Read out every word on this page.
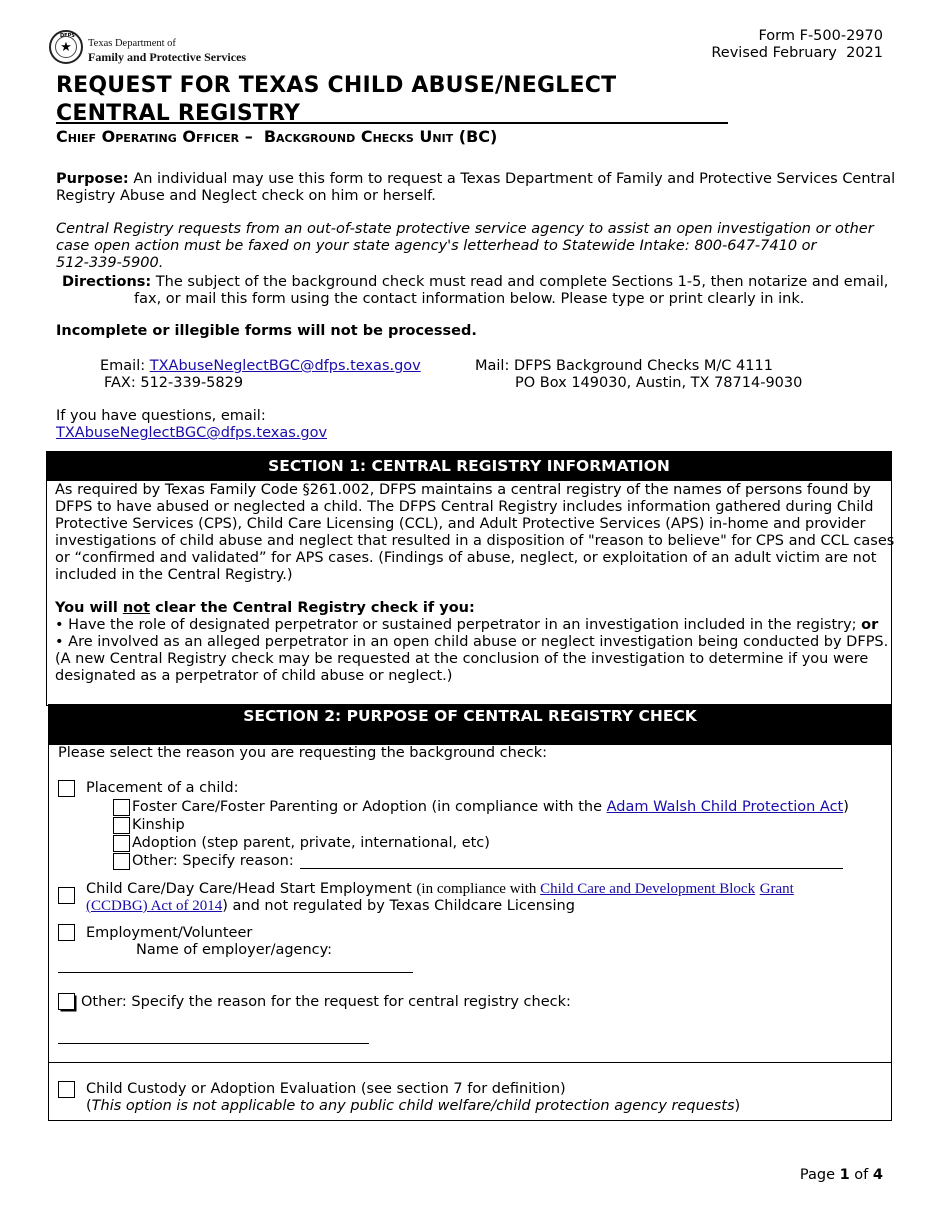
DFPS
★	Texas Department of
Family and Protective Services
Form F-500-2970
Revised February  2021
REQUEST FOR TEXAS CHILD ABUSE/NEGLECT
CENTRAL REGISTRY
Chief Operating Officer –  Background Checks Unit (BC)
Purpose: An individual may use this form to request a Texas Department of Family and Protective Services Central
Registry Abuse and Neglect check on him or herself.
Central Registry requests from an out-of-state protective service agency to assist an open investigation or other
case open action must be faxed on your state agency's letterhead to Statewide Intake: 800-647-7410 or
512-339-5900.
Directions: The subject of the background check must read and complete Sections 1-5, then notarize and email,
fax, or mail this form using the contact information below. Please type or print clearly in ink.
Incomplete or illegible forms will not be processed.
Email: TXAbuseNeglectBGC@dfps.texas.gov
FAX: 512-339-5829
Mail: DFPS Background Checks M/C 4111
PO Box 149030, Austin, TX 78714-9030
If you have questions, email:
TXAbuseNeglectBGC@dfps.texas.gov
SECTION 1: CENTRAL REGISTRY INFORMATION
As required by Texas Family Code §261.002, DFPS maintains a central registry of the names of persons found by
DFPS to have abused or neglected a child. The DFPS Central Registry includes information gathered during Child
Protective Services (CPS), Child Care Licensing (CCL), and Adult Protective Services (APS) in-home and provider
investigations of child abuse and neglect that resulted in a disposition of "reason to believe" for CPS and CCL cases
or “confirmed and validated” for APS cases. (Findings of abuse, neglect, or exploitation of an adult victim are not
included in the Central Registry.)
You will not clear the Central Registry check if you:
• Have the role of designated perpetrator or sustained perpetrator in an investigation included in the registry; or
• Are involved as an alleged perpetrator in an open child abuse or neglect investigation being conducted by DFPS.
(A new Central Registry check may be requested at the conclusion of the investigation to determine if you were
designated as a perpetrator of child abuse or neglect.)
SECTION 2: PURPOSE OF CENTRAL REGISTRY CHECK
Please select the reason you are requesting the background check:
Placement of a child:
Foster Care/Foster Parenting or Adoption (in compliance with the Adam Walsh Child Protection Act)
Kinship
Adoption (step parent, private, international, etc)
Other: Specify reason:
Child Care/Day Care/Head Start Employment (in compliance with Child Care and Development Block Grant
(CCDBG) Act of 2014) and not regulated by Texas Childcare Licensing
Employment/Volunteer
Name of employer/agency:
Other: Specify the reason for the request for central registry check:
Child Custody or Adoption Evaluation (see section 7 for definition)
(This option is not applicable to any public child welfare/child protection agency requests)
Page 1 of 4
